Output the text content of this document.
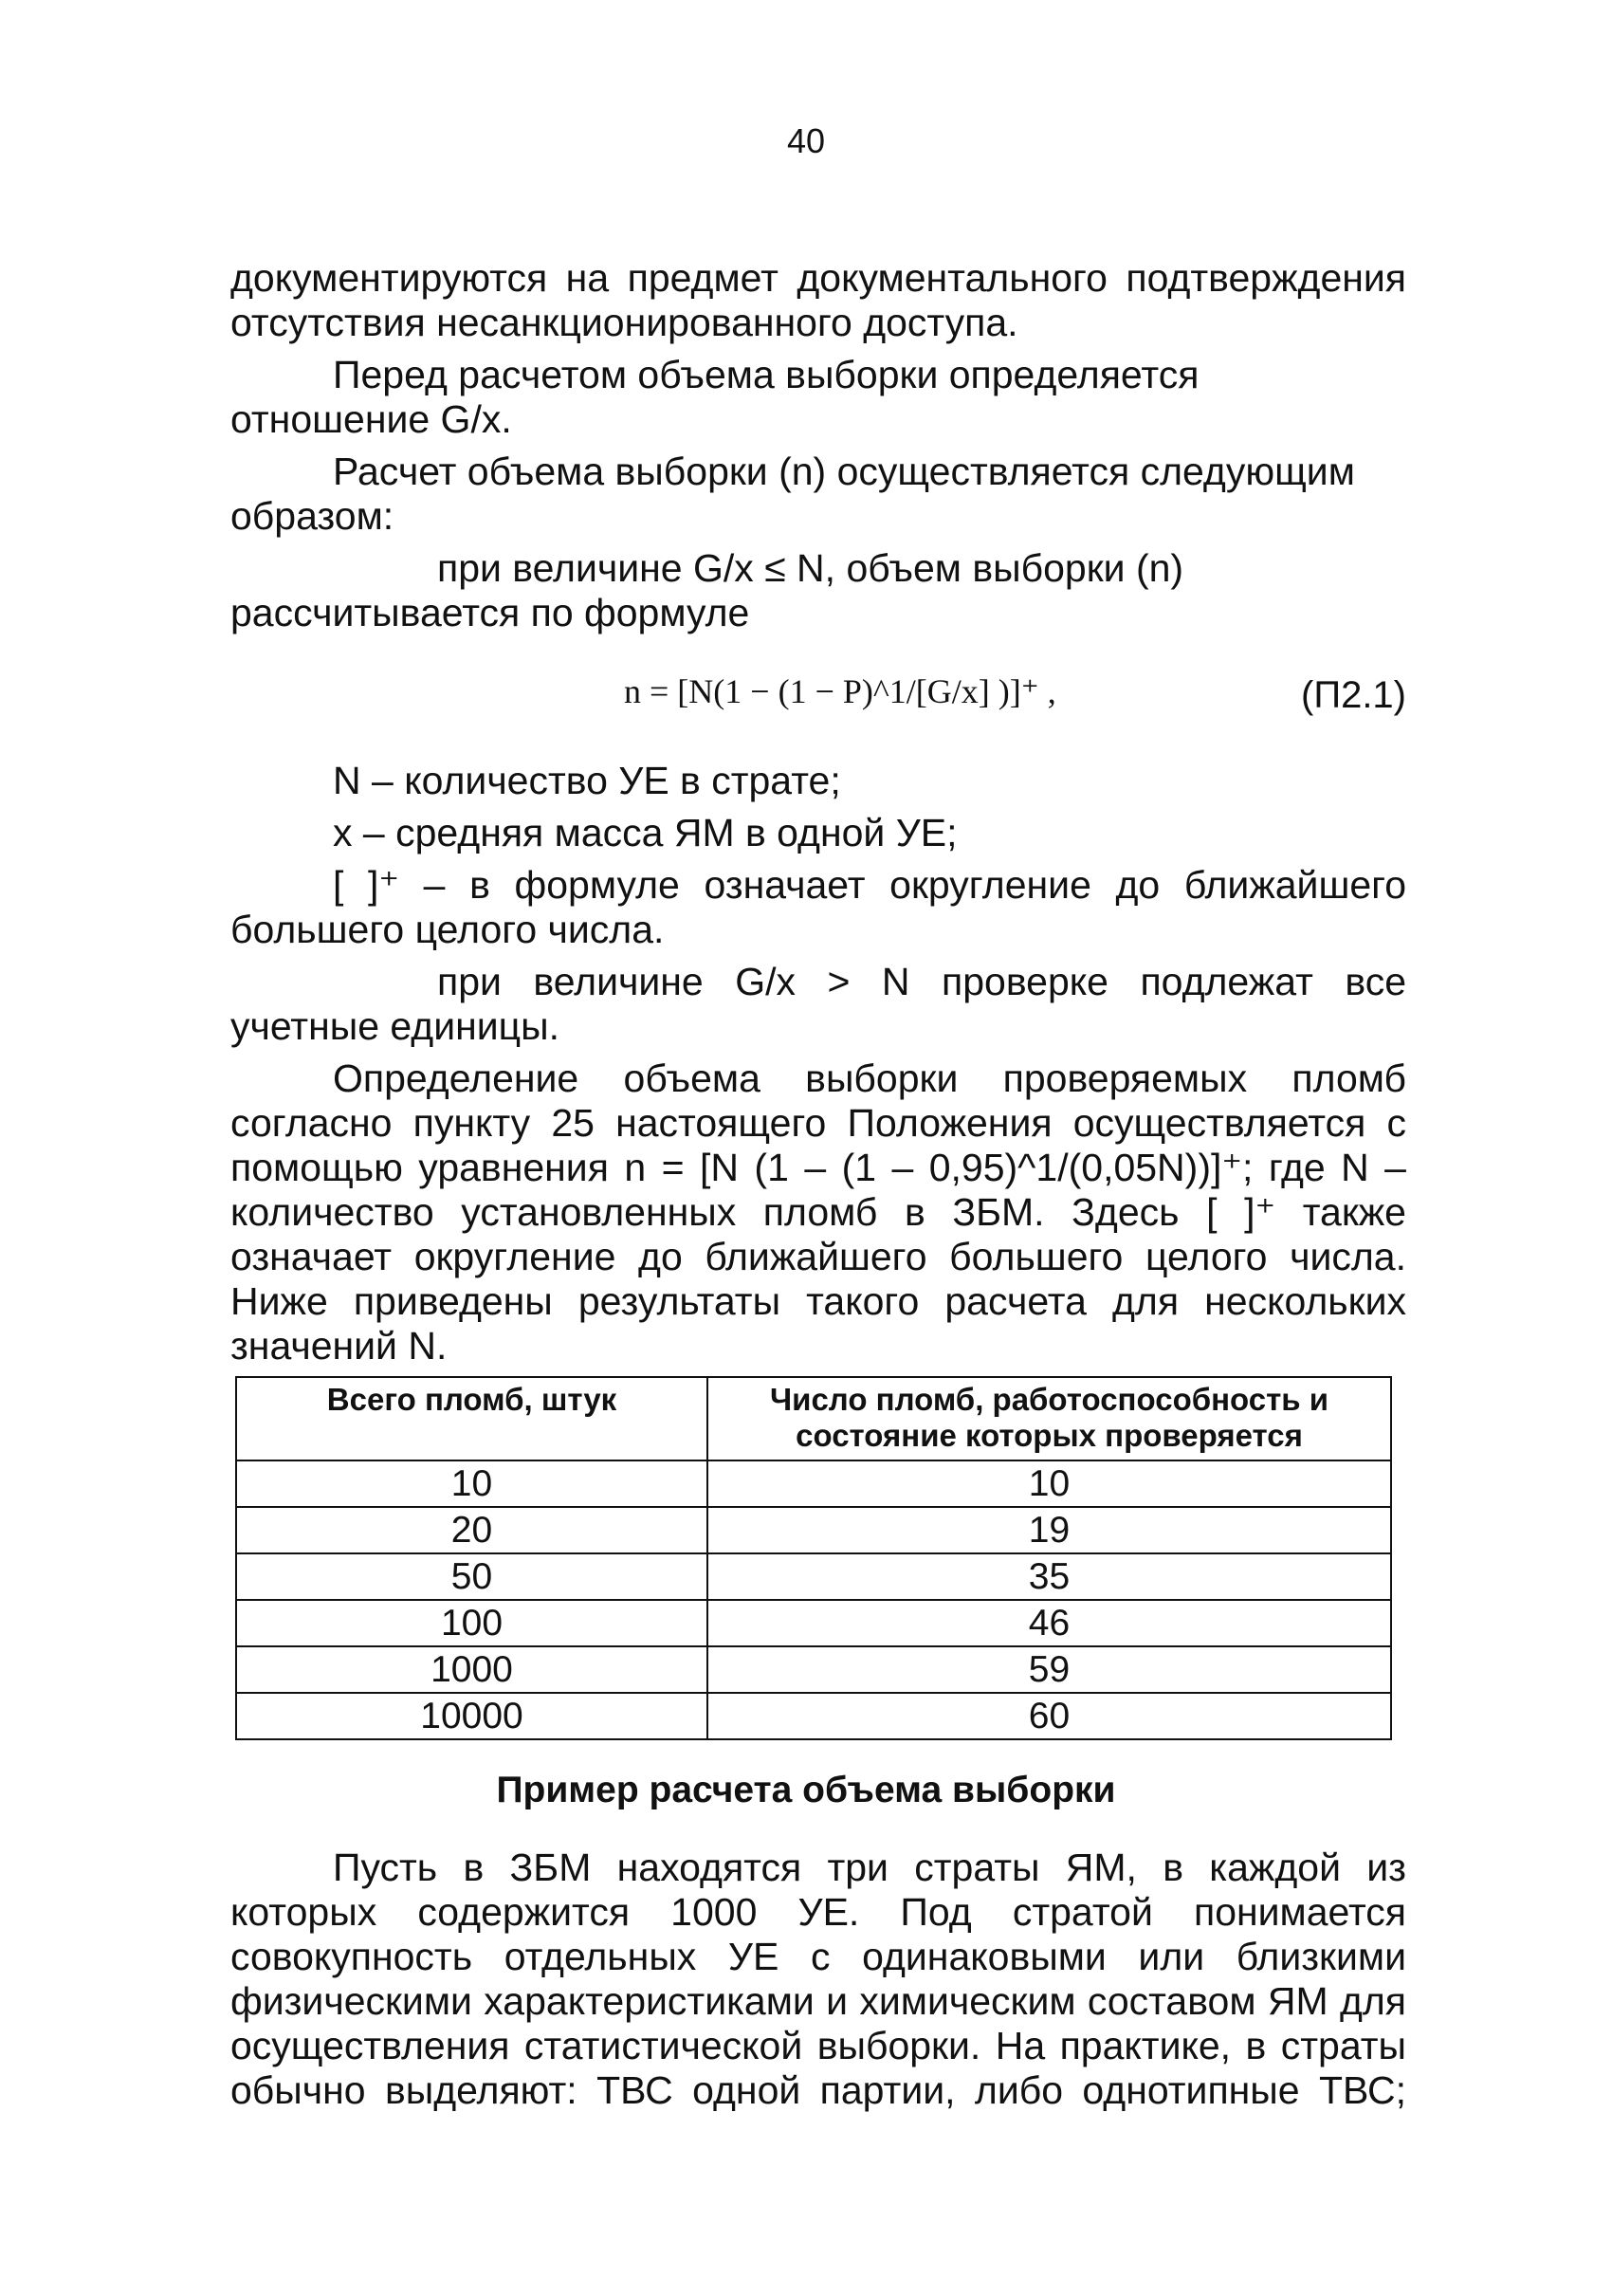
40

документируются на предмет документального подтверждения отсутствия несанкционированного доступа.

Перед расчетом объема выборки определяется отношение G/x.

Расчет объема выборки (n) осуществляется следующим образом:

при величине G/x ≤ N, объем выборки (n) рассчитывается по формуле

n = [N(1 − (1 − P)^1/[G/x] )]⁺ ,	(П2.1)

N – количество УЕ в страте;

x – средняя масса ЯМ в одной УЕ;

[ ]⁺ – в формуле означает округление до ближайшего большего целого числа.

при величине G/x > N проверке подлежат все учетные единицы.

Определение объема выборки проверяемых пломб согласно пункту 25 настоящего Положения осуществляется с помощью уравнения n = [N (1 – (1 – 0,95)^1/(0,05N))]⁺; где N – количество установленных пломб в ЗБМ. Здесь [ ]⁺ также означает округление до ближайшего большего целого числа. Ниже приведены результаты такого расчета для нескольких значений N.

Всего пломб, штук	Число пломб, работоспособность и состояние которых проверяется
10	10
20	19
50	35
100	46
1000	59
10000	60
Пример расчета объема выборки

Пусть в ЗБМ находятся три страты ЯМ, в каждой из которых содержится 1000 УЕ. Под стратой понимается совокупность отдельных УЕ с одинаковыми или близкими физическими характеристиками и химическим составом ЯМ для осуществления статистической выборки. На практике, в страты обычно выделяют: ТВС одной партии, либо однотипные ТВС;
